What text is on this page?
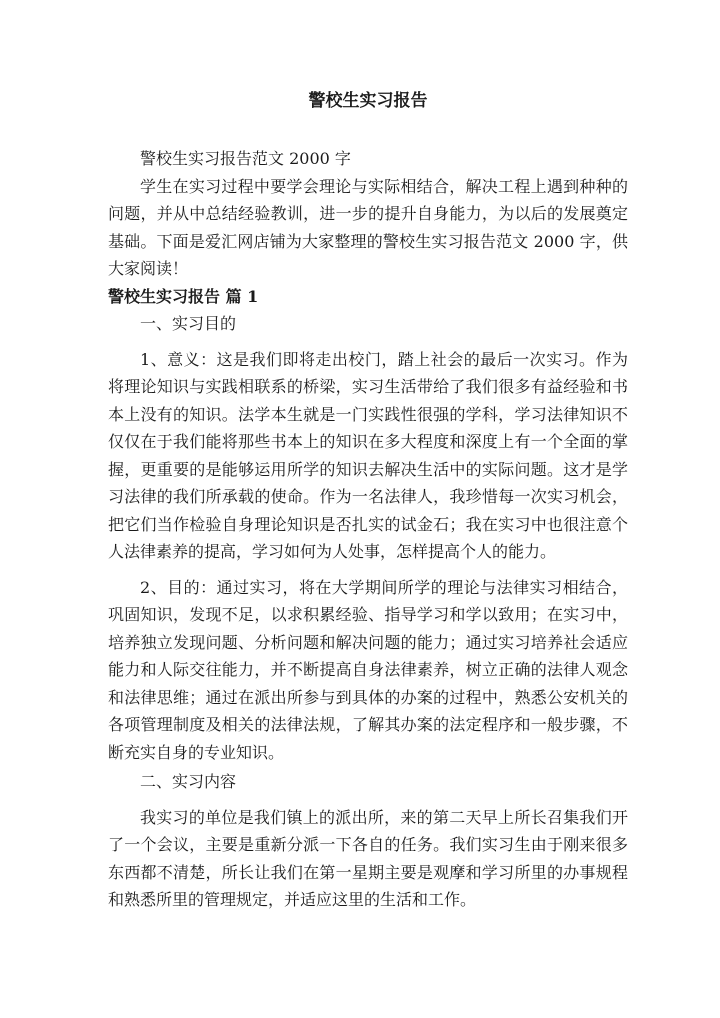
警校生实习报告

警校生实习报告范文 2000 字

学生在实习过程中要学会理论与实际相结合，解决工程上遇到种种的问题，并从中总结经验教训，进一步的提升自身能力，为以后的发展奠定基础。下面是爱汇网店铺为大家整理的警校生实习报告范文 2000 字，供大家阅读！

警校生实习报告 篇 1

一、实习目的

1、意义：这是我们即将走出校门，踏上社会的最后一次实习。作为将理论知识与实践相联系的桥梁，实习生活带给了我们很多有益经验和书本上没有的知识。法学本生就是一门实践性很强的学科，学习法律知识不仅仅在于我们能将那些书本上的知识在多大程度和深度上有一个全面的掌握，更重要的是能够运用所学的知识去解决生活中的实际问题。这才是学习法律的我们所承载的使命。作为一名法律人，我珍惜每一次实习机会，把它们当作检验自身理论知识是否扎实的试金石；我在实习中也很注意个人法律素养的提高，学习如何为人处事，怎样提高个人的能力。

2、目的：通过实习，将在大学期间所学的理论与法律实习相结合，巩固知识，发现不足，以求积累经验、指导学习和学以致用；在实习中，培养独立发现问题、分析问题和解决问题的能力；通过实习培养社会适应能力和人际交往能力，并不断提高自身法律素养，树立正确的法律人观念和法律思维；通过在派出所参与到具体的办案的过程中，熟悉公安机关的各项管理制度及相关的法律法规，了解其办案的法定程序和一般步骤，不断充实自身的专业知识。

二、实习内容

我实习的单位是我们镇上的派出所，来的第二天早上所长召集我们开了一个会议，主要是重新分派一下各自的任务。我们实习生由于刚来很多东西都不清楚，所长让我们在第一星期主要是观摩和学习所里的办事规程和熟悉所里的管理规定，并适应这里的生活和工作。
